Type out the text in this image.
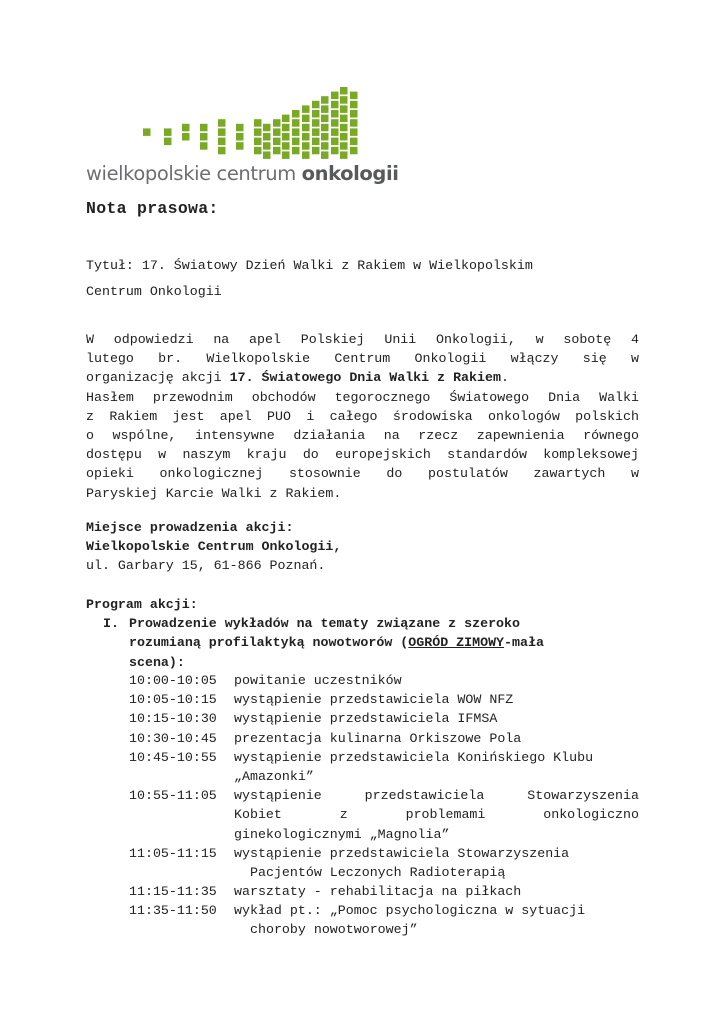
wielkopolskie centrum onkologii
Nota prasowa:
Tytuł: 17. Światowy Dzień Walki z Rakiem w Wielkopolskim
Centrum Onkologii
W odpowiedzi na apel Polskiej Unii Onkologii, w sobotę 4
lutego br. Wielkopolskie Centrum Onkologii włączy się w
organizację akcji 17. Światowego Dnia Walki z Rakiem.
Hasłem przewodnim obchodów tegorocznego Światowego Dnia Walki
z Rakiem jest apel PUO i całego środowiska onkologów polskich
o wspólne, intensywne działania na rzecz zapewnienia równego
dostępu w naszym kraju do europejskich standardów kompleksowej
opieki onkologicznej stosownie do postulatów zawartych w
Paryskiej Karcie Walki z Rakiem.
Miejsce prowadzenia akcji:
Wielkopolskie Centrum Onkologii,
ul. Garbary 15, 61-866 Poznań.
Program akcji:
I. Prowadzenie wykładów na tematy związane z szeroko
rozumianą profilaktyką nowotworów (OGRÓD ZIMOWY-mała
scena):
10:00-10:05 powitanie uczestników
10:05-10:15 wystąpienie przedstawiciela WOW NFZ
10:15-10:30 wystąpienie przedstawiciela IFMSA
10:30-10:45 prezentacja kulinarna Orkiszowe Pola
10:45-10:55 wystąpienie przedstawiciela Konińskiego Klubu
„Amazonki”
10:55-11:05	wystąpienie przedstawiciela Stowarzyszenia
Kobiet z problemami onkologiczno
ginekologicznymi „Magnolia”
11:05-11:15 wystąpienie przedstawiciela Stowarzyszenia
Pacjentów Leczonych Radioterapią
11:15-11:35 warsztaty - rehabilitacja na piłkach
11:35-11:50 wykład pt.: „Pomoc psychologiczna w sytuacji
choroby nowotworowej”
